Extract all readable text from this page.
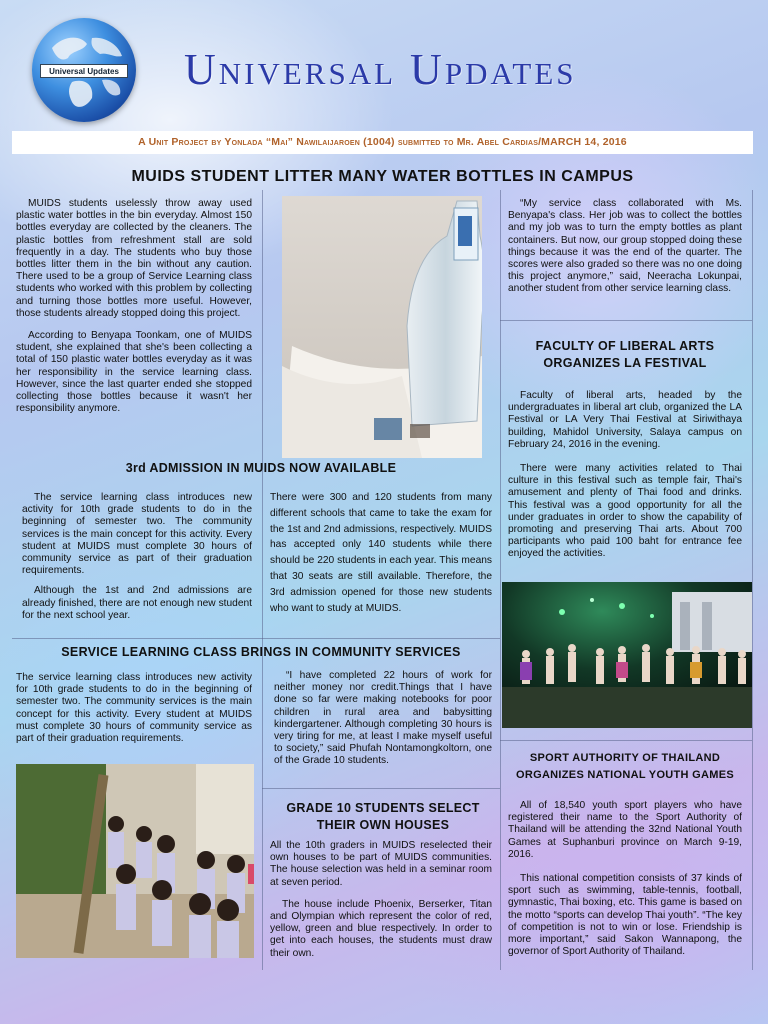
Universal Updates Universal Updates
A Unit Project by Yonlada “Mai” Nawilaijaroen (1004) submitted to Mr. Abel Cardias/MARCH 14, 2016
MUIDS STUDENT LITTER MANY WATER BOTTLES IN CAMPUS

MUIDS students uselessly throw away used plastic water bottles in the bin everyday. Almost 150 bottles everyday are collected by the cleaners. The plastic bottles from refreshment stall are sold frequently in a day. The students who buy those bottles litter them in the bin without any caution. There used to be a group of Service Learning class students who worked with this problem by collecting and turning those bottles more useful. However, those students already stopped doing this project.

According to Benyapa Toonkam, one of MUIDS student, she explained that she's been collecting a total of 150 plastic water bottles everyday as it was her responsibility in the service learning class. However, since the last quarter ended she stopped collecting those bottles because it wasn't her responsibility anymore.

“My service class collaborated with Ms. Benyapa's class. Her job was to collect the bottles and my job was to turn the empty bottles as plant containers. But now, our group stopped doing these things because it was the end of the quarter. The scores were also graded so there was no one doing this project anymore,” said, Neeracha Lokunpai, another student from other service learning class.

FACULTY OF LIBERAL ARTS ORGANIZES LA FESTIVAL

Faculty of liberal arts, headed by the undergraduates in liberal art club, organized the LA Festival or LA Very Thai Festival at Siriwithaya building, Mahidol University, Salaya campus on February 24, 2016 in the evening.

There were many activities related to Thai culture in this festival such as temple fair, Thai's amusement and plenty of Thai food and drinks. This festival was a good opportunity for all the under graduates in order to show the capability of promoting and preserving Thai arts. About 700 participants who paid 100 baht for entrance fee enjoyed the activities.

SPORT AUTHORITY OF THAILAND ORGANIZES NATIONAL YOUTH GAMES

All of 18,540 youth sport players who have registered their name to the Sport Authority of Thailand will be attending the 32nd National Youth Games at Suphanburi province on March 9-19, 2016.

This national competition consists of 37 kinds of sport such as swimming, table-tennis, football, gymnastic, Thai boxing, etc. This game is based on the motto “sports can develop Thai youth”. “The key of competition is not to win or lose. Friendship is more important,” said Sakon Wannapong, the governor of Sport Authority of Thailand.

3rd ADMISSION IN MUIDS NOW AVAILABLE

The service learning class introduces new activity for 10th grade students to do in the beginning of semester two. The community services is the main concept for this activity. Every student at MUIDS must complete 30 hours of community service as part of their graduation requirements.

Although the 1st and 2nd admissions are already finished, there are not enough new student for the next school year.

There were 300 and 120 students from many different schools that came to take the exam for the 1st and 2nd admissions, respectively. MUIDS has accepted only 140 students while there should be 220 students in each year. This means that 30 seats are still available. Therefore, the 3rd admission opened for those new students who want to study at MUIDS.

SERVICE LEARNING CLASS BRINGS IN COMMUNITY SERVICES

The service learning class introduces new activity for 10th grade students to do in the beginning of semester two. The community services is the main concept for this activity. Every student at MUIDS must complete 30 hours of community service as part of their graduation requirements.

“I have completed 22 hours of work for neither money nor credit.Things that I have done so far were making notebooks for poor children in rural area and babysitting kindergartener. Although completing 30 hours is very tiring for me, at least I make myself useful to society,” said Phufah Nontamongkoltorn, one of the Grade 10 students.

GRADE 10 STUDENTS SELECT THEIR OWN HOUSES

All the 10th graders in MUIDS reselected their own houses to be part of MUIDS communities. The house selection was held in a seminar room at seven period.

The house include Phoenix, Berserker, Titan and Olympian which represent the color of red, yellow, green and blue respectively. In order to get into each houses, the students must draw their own.
